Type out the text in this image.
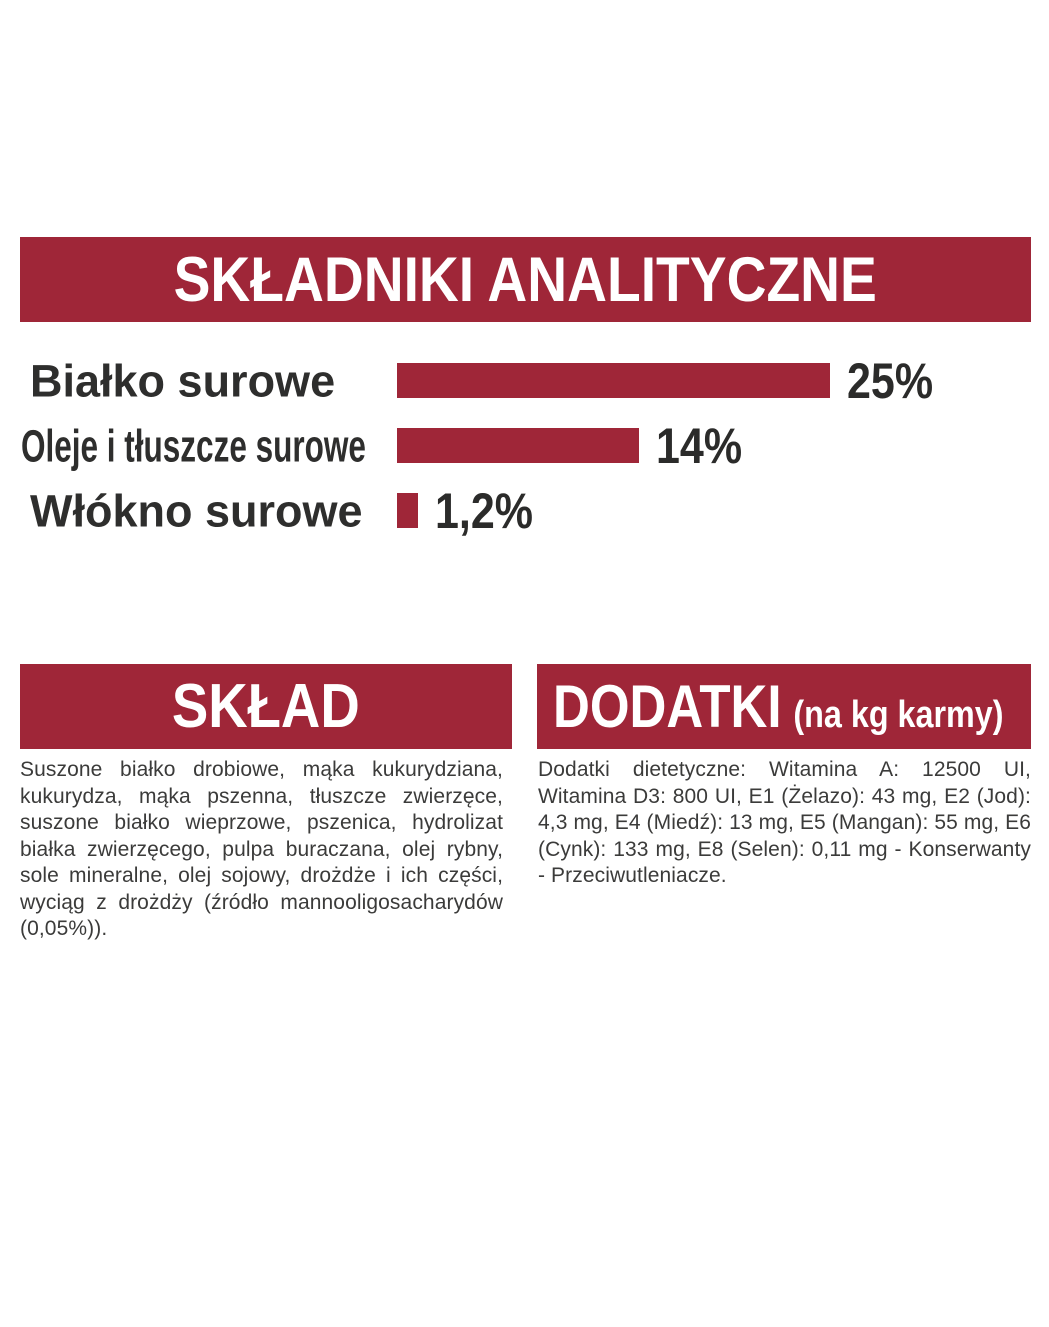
SKŁADNIKI ANALITYCZNE
Białko surowe	25%
Oleje i tłuszcze surowe	14%
Włókno surowe 1,2%
SKŁAD

Suszone białko drobiowe, mąka kukurydziana, kukurydza, mąka pszenna, tłuszcze zwierzęce, suszone białko wieprzowe, pszenica, hydrolizat białka zwierzęcego, pulpa buraczana, olej rybny, sole mineralne, olej sojowy, drożdże i ich części, wyciąg z drożdży (źródło mannooligosacharydów (0,05%)).

DODATKI (na kg karmy)

Dodatki dietetyczne: Witamina A: 12500 UI, Witamina D3: 800 UI, E1 (Żelazo): 43 mg, E2 (Jod): 4,3 mg, E4 (Miedź): 13 mg, E5 (Mangan): 55 mg, E6 (Cynk): 133 mg, E8 (Selen): 0,11 mg - Konserwanty - Przeciwutleniacze.
